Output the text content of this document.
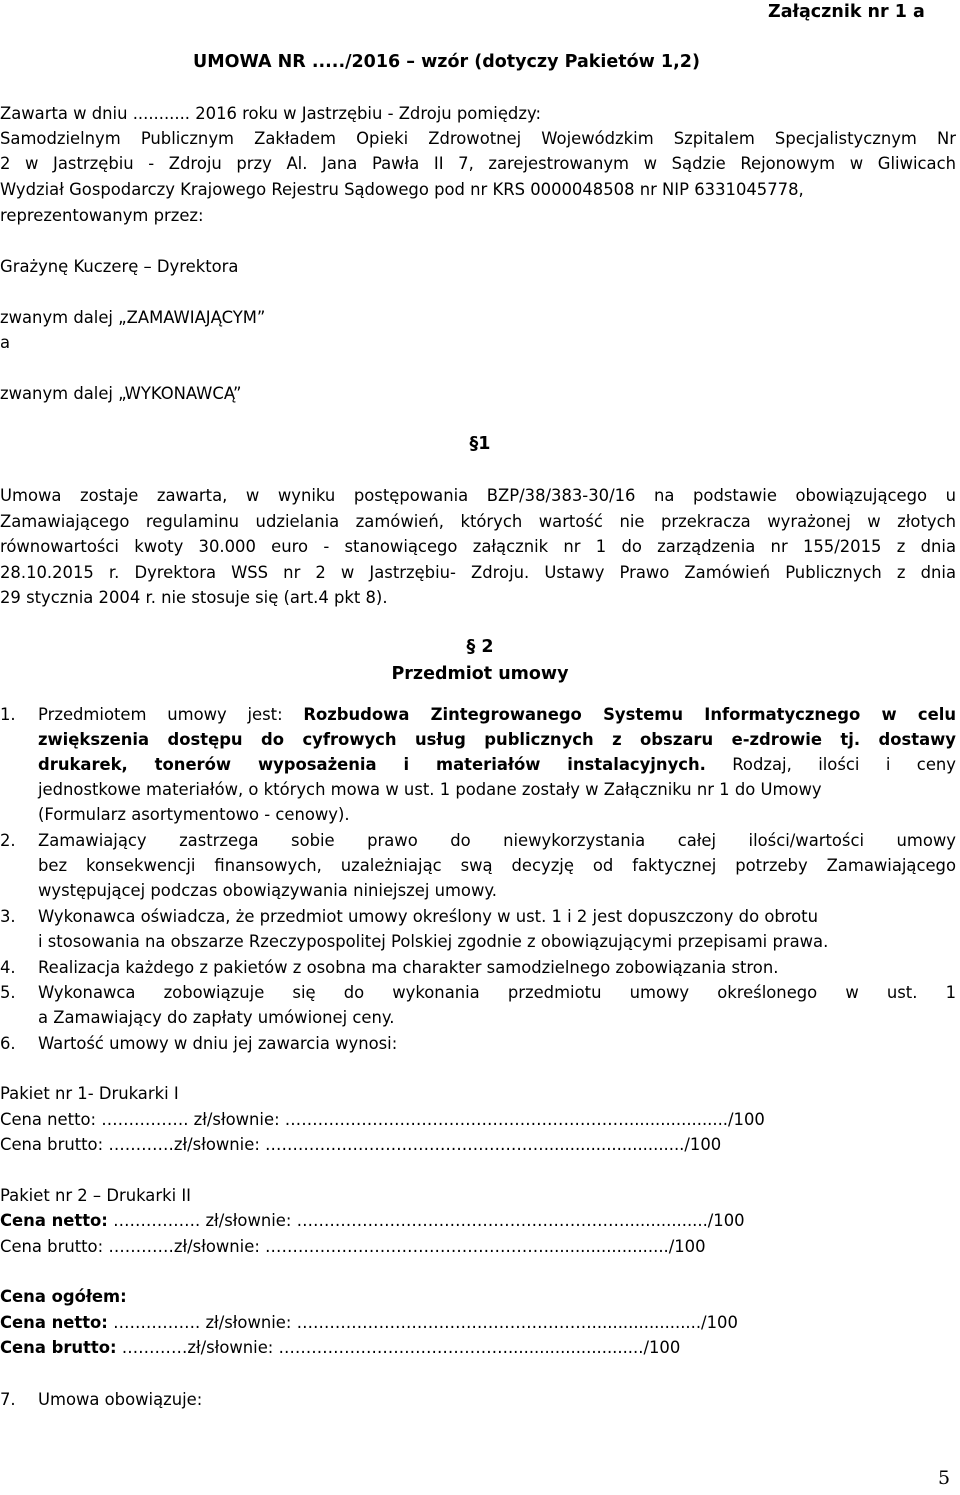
Załącznik nr 1 a
UMOWA NR ...../2016 – wzór (dotyczy Pakietów 1,2)
Zawarta w dniu ........... 2016 roku w Jastrzębiu - Zdroju pomiędzy:
Samodzielnym Publicznym Zakładem Opieki Zdrowotnej Wojewódzkim Szpitalem Specjalistycznym Nr
2 w Jastrzębiu - Zdroju przy Al. Jana Pawła II 7, zarejestrowanym w Sądzie Rejonowym w Gliwicach
Wydział Gospodarczy Krajowego Rejestru Sądowego pod nr KRS 0000048508 nr NIP 6331045778,
reprezentowanym przez:
Grażynę Kuczerę – Dyrektora
zwanym dalej „ZAMAWIAJĄCYM”
a
zwanym dalej „WYKONAWCĄ”
§1
Umowa zostaje zawarta, w wyniku postępowania BZP/38/383-30/16 na podstawie obowiązującego u
Zamawiającego regulaminu udzielania zamówień, których wartość nie przekracza wyrażonej w złotych
równowartości kwoty 30.000 euro - stanowiącego załącznik nr 1 do zarządzenia nr 155/2015 z dnia
28.10.2015 r. Dyrektora WSS nr 2 w Jastrzębiu- Zdroju. Ustawy Prawo Zamówień Publicznych z dnia
29 stycznia 2004 r. nie stosuje się (art.4 pkt 8).
§ 2
Przedmiot umowy
1. Przedmiotem umowy jest: Rozbudowa Zintegrowanego Systemu Informatycznego w celu
zwiększenia dostępu do cyfrowych usług publicznych z obszaru e-zdrowie tj. dostawy
drukarek, tonerów wyposażenia i materiałów instalacyjnych. Rodzaj, ilości i ceny
jednostkowe materiałów, o których mowa w ust. 1 podane zostały w Załączniku nr 1 do Umowy
(Formularz asortymentowo - cenowy).
2. Zamawiający zastrzega sobie prawo do niewykorzystania całej ilości/wartości umowy
bez konsekwencji finansowych, uzależniając swą decyzję od faktycznej potrzeby Zamawiającego
występującej podczas obowiązywania niniejszej umowy.
3. Wykonawca oświadcza, że przedmiot umowy określony w ust. 1 i 2 jest dopuszczony do obrotu
i stosowania na obszarze Rzeczypospolitej Polskiej zgodnie z obowiązującymi przepisami prawa.
4. Realizacja każdego z pakietów z osobna ma charakter samodzielnego zobowiązania stron.
5. Wykonawca zobowiązuje się do wykonania przedmiotu umowy określonego w ust. 1
a Zamawiający do zapłaty umówionej ceny.
6. Wartość umowy w dniu jej zawarcia wynosi:
Pakiet nr 1- Drukarki I
Cena netto: ……………. zł/słownie: ……………………………………………………….................../100
Cena brutto: …………zł/słownie: …………………………………………….........................../100
Pakiet nr 2 – Drukarki II
Cena netto: ……………. zł/słownie: ……………………………………………………................/100
Cena brutto: …………zł/słownie: ……………………………………………......................../100
Cena ogółem:
Cena netto: ……………. zł/słownie: ………………………………………………...................../100
Cena brutto: …………zł/słownie: ……………………………………........................../100
7. Umowa obowiązuje:
5
